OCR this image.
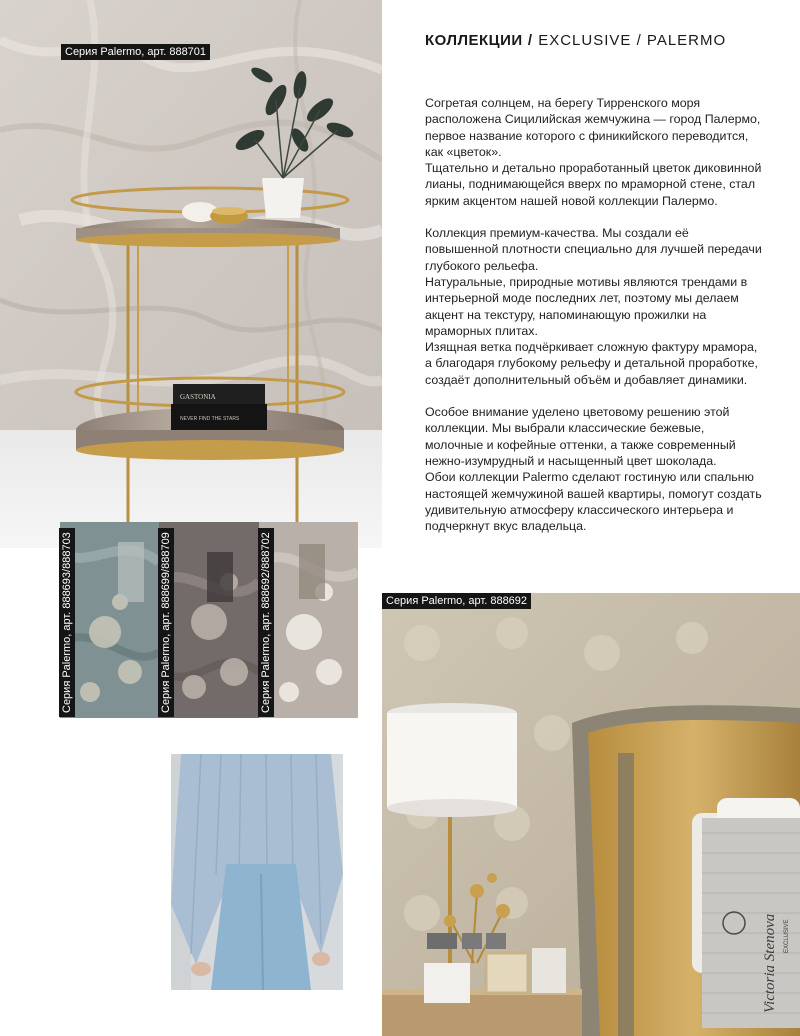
GASTONIA
NEVER FIND THE STARS
Серия Palermo, арт. 888701
КОЛЛЕКЦИИ / EXCLUSIVE / PALERMO

Согретая солнцем, на берегу Тирренского моря
расположена Сицилийская жемчужина — город Палермо,
первое название которого с финикийского переводится,
как «цветок».
Тщательно и детально проработанный цветок диковинной
лианы, поднимающейся вверх по мраморной стене, стал
ярким акцентом нашей новой коллекции Палермо.

Коллекция премиум-качества. Мы создали её
повышенной плотности специально для лучшей передачи
глубокого рельефа.
Натуральные, природные мотивы являются трендами в
интерьерной моде последних лет, поэтому мы делаем
акцент на текстуру, напоминающую прожилки на
мраморных плитах.
Изящная ветка подчёркивает сложную фактуру мрамора,
а благодаря глубокому рельефу и детальной проработке,
создаёт дополнительный объём и добавляет динамики.

Особое внимание уделено цветовому решению этой
коллекции. Мы выбрали классические бежевые,
молочные и кофейные оттенки, а также современный
нежно-изумрудный и насыщенный цвет шоколада.
Обои коллекции Palermo сделают гостиную или спальню
настоящей жемчужиной вашей квартиры, помогут создать
удивительную атмосферу классического интерьера и
подчеркнут вкус владельца.

Серия Palermo, арт. 888693/888703	Серия Palermo, арт. 888699/888709	Серия Palermo, арт. 888692/888702
Victoria Stenova EXCLUSIVE
Серия Palermo, арт. 888692
